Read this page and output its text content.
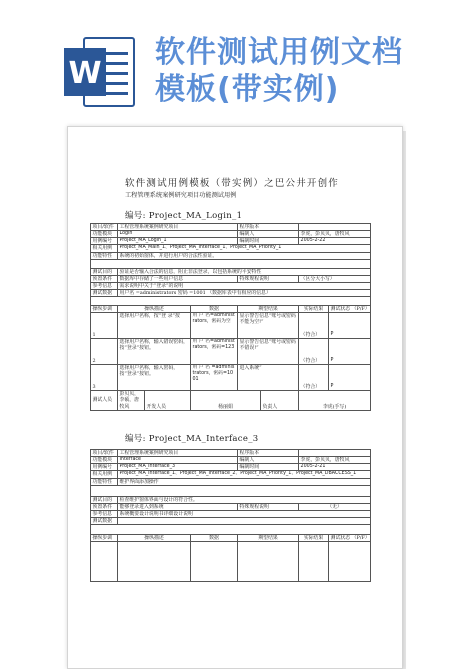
W
软件测试用例文档
模板(带实例)
软件测试用例模板（带实例）之巴公井开创作
工程管理系统案例研究项目功能测试用例
编号: Project_MA_Login_1
项目/软件	工程管理系统案例研究项目			程序版本			
功能模块	Login			编制人		李虎，彭贝贝，唐牧风	
用例编号	Project_MA_Login_1			编制时间		2005-2-22	
相关用例	Project_MA_Main_1、Project_MA_Interface_1、Project_MA_Priority_1						
功能特性	系统的初始窗体，并进行用户的合法性验证。						

测试目的	验证是否输入合法的信息，阻止非法登录，以包括系统的平安特性						
预置条件	数据库中存储了一些用户信息			特殊规程说明		（区分大小写）	
参考信息	需求说明中关于“登录”的说明						
测试数据	用户名 =administrators 密码 =1001 （数据库表中有相应的信息）						

操纵步调	操纵描述		数据	期望结果		实际结果	测试状态 （P/F）
1	选择用户名称，按“登 录”按		用 户 名=administrators，密码为空	显示警告信息“账号或密码不能为空!”		（符合）	P
2	选择用户名称，输入错误密码，按“登录”按钮。		用 户 名=administrators，密码=123	显示警告信息“账号或密码不错误!”		（符合）	P
3	选择用户名称，输入密码，按“登录”按钮。		用 户 名 =administrators，密码=1001	进入系统”		（符合）	P
测试人员	彭贝贝，李硕，唐牧风	开发人员	杨丽娟		负责人	李虎(手写)	
编号: Project_MA_Interface_3
项目/软件	工程管理系统案例研究项目		程序版本		
功能模块	Interface		编制人	李虎，彭贝贝，唐牧风	
用例编号	Project_MA_Interface_3		编制时间	2005-2-21	
相关用例	Project_MA_Interface_1、Project_MA_Interface_2、Project_MA_Priority_1、Project_MA_DBACCESS_1				
功能特性	维护界面添加操作				

测试目的	检查维护窗体界面与设计的符合性。				
预置条件	能够登录进入到系统		特殊规程说明	（无）	
参考信息	系统概要设计说明书详细设计说明				
测试数据					

操纵步调	操纵描述	数据	期望结果	实际结果	测试状态 （P/F）
